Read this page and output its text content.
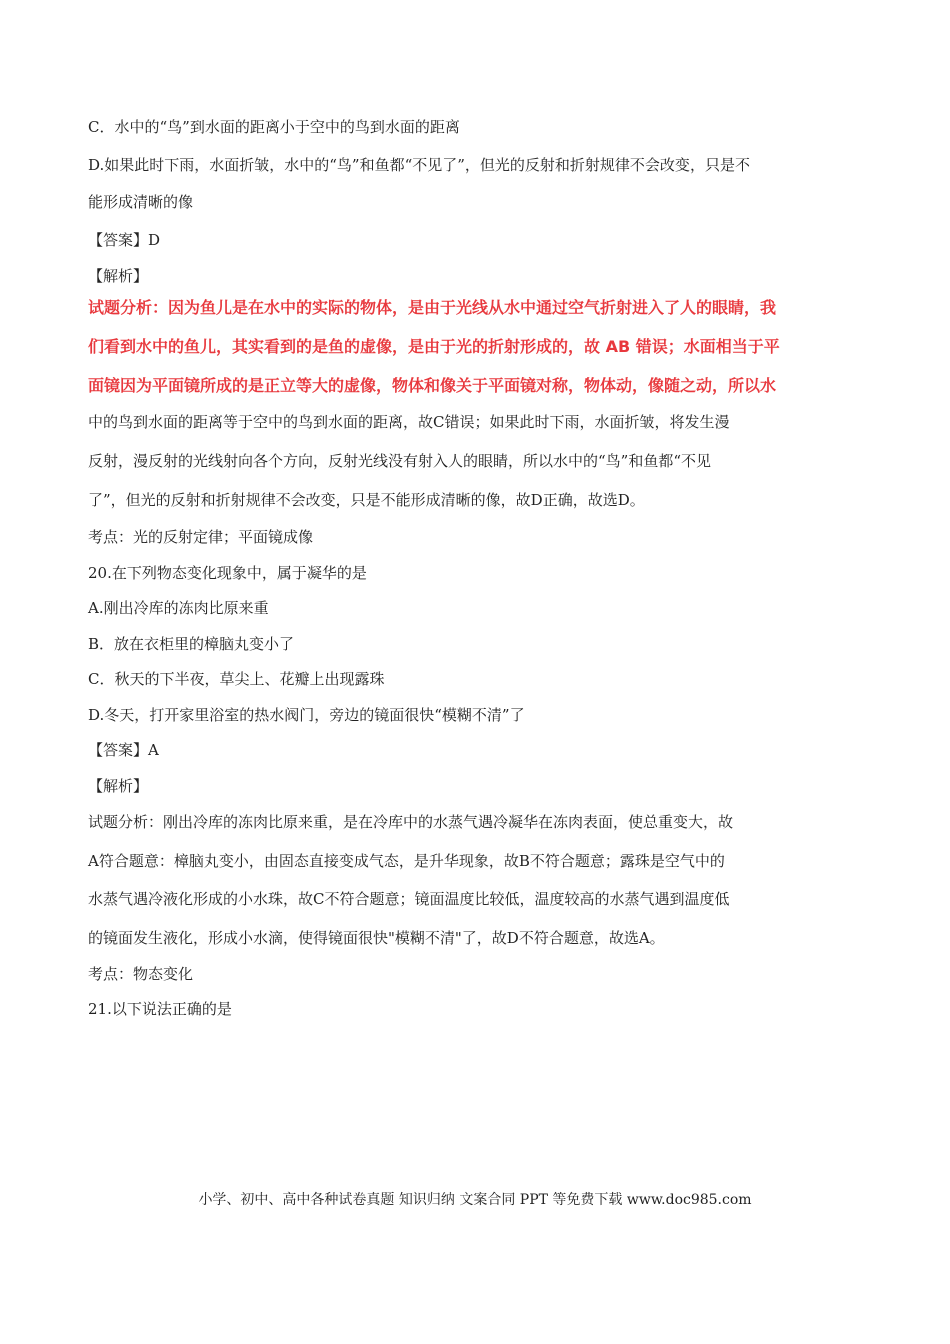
C．水中的“鸟”到水面的距离小于空中的鸟到水面的距离
D.如果此时下雨，水面折皱，水中的“鸟”和鱼都“不见了”，但光的反射和折射规律不会改变，只是不
能形成清晰的像
【答案】D
【解析】
试题分析：因为鱼儿是在水中的实际的物体，是由于光线从水中通过空气折射进入了人的眼睛，我
们看到水中的鱼儿，其实看到的是鱼的虚像，是由于光的折射形成的，故 AB 错误；水面相当于平
面镜因为平面镜所成的是正立等大的虚像，物体和像关于平面镜对称，物体动，像随之动，所以水
中的鸟到水面的距离等于空中的鸟到水面的距离，故C错误；如果此时下雨，水面折皱，将发生漫
反射，漫反射的光线射向各个方向，反射光线没有射入人的眼睛，所以水中的“鸟”和鱼都“不见
了”，但光的反射和折射规律不会改变，只是不能形成清晰的像，故D正确，故选D。
考点：光的反射定律；平面镜成像
20.在下列物态变化现象中，属于凝华的是
A.刚出冷库的冻肉比原来重
B．放在衣柜里的樟脑丸变小了
C．秋天的下半夜，草尖上、花瓣上出现露珠
D.冬天，打开家里浴室的热水阀门，旁边的镜面很快“模糊不清”了
【答案】A
【解析】
试题分析：刚出冷库的冻肉比原来重，是在冷库中的水蒸气遇冷凝华在冻肉表面，使总重变大，故
A符合题意：樟脑丸变小，由固态直接变成气态，是升华现象，故B不符合题意；露珠是空气中的
水蒸气遇冷液化形成的小水珠，故C不符合题意；镜面温度比较低，温度较高的水蒸气遇到温度低
的镜面发生液化，形成小水滴，使得镜面很快"模糊不清"了，故D不符合题意，故选A。
考点：物态变化
21.以下说法正确的是
小学、初中、高中各种试卷真题 知识归纳 文案合同 PPT 等免费下载 www.doc985.com
